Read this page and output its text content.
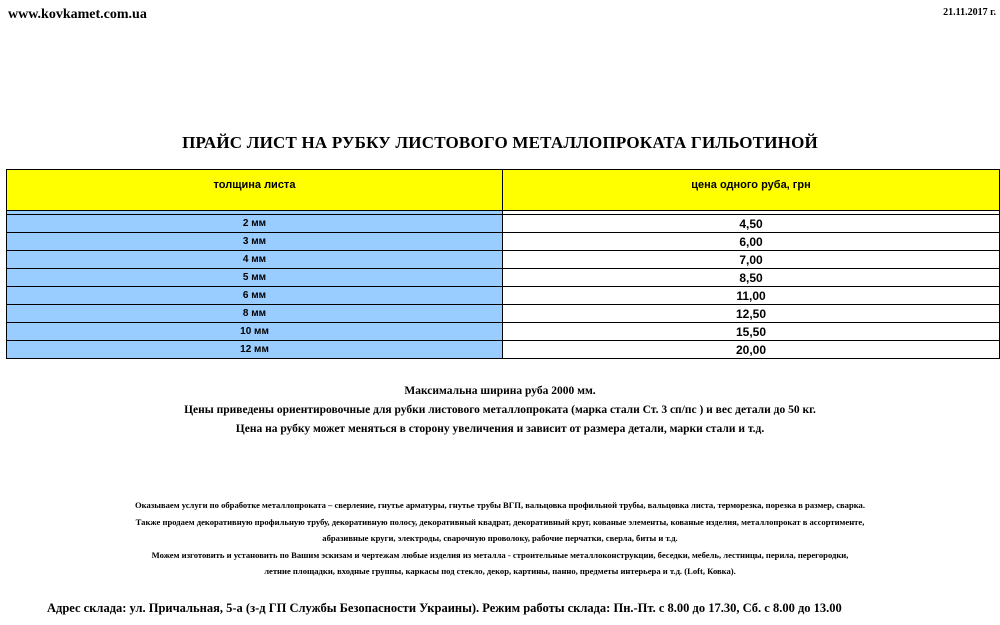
www.kovkamet.com.ua	21.11.2017 г.
ПРАЙС ЛИСТ НА РУБКУ ЛИСТОВОГО МЕТАЛЛОПРОКАТА ГИЛЬОТИНОЙ
толщина листа	цена одного руба, грн

2 мм	4,50
3 мм	6,00
4 мм	7,00
5 мм	8,50
6 мм	11,00
8 мм	12,50
10 мм	15,50
12 мм	20,00
Максимальна ширина руба 2000 мм.
Цены приведены ориентировочные для рубки листового металлопроката (марка стали Ст. 3 сп/пс ) и вес детали до 50 кг.
Цена на рубку может меняться в сторону увеличения и зависит от размера детали, марки стали и т.д.
Оказываем услуги по обработке металлопроката – сверление, гнутье арматуры, гнутье трубы ВГП, вальцовка профильной трубы, вальцовка листа, терморезка, порезка в размер, сварка.
Также продаем декоративную профильную трубу, декоративную полосу, декоративный квадрат, декоративный круг, кованые элементы, кованые изделия, металлопрокат в ассортименте,
абразивные круги, электроды, сварочную проволоку, рабочие перчатки, сверла, биты и т.д.
Можем изготовить и установить по Вашим эскизам и чертежам любые изделия из металла - строительные металлоконструкции, беседки, мебель, лестницы, перила, перегородки,
летние площадки, входные группы, каркасы под стекло, декор, картины, панно, предметы интерьера и т.д. (Loft, Ковка).
Адрес склада: ул. Причальная, 5-а (з-д ГП Службы Безопасности Украины). Режим работы склада: Пн.-Пт. с 8.00 до 17.30, Сб. с 8.00 до 13.00
